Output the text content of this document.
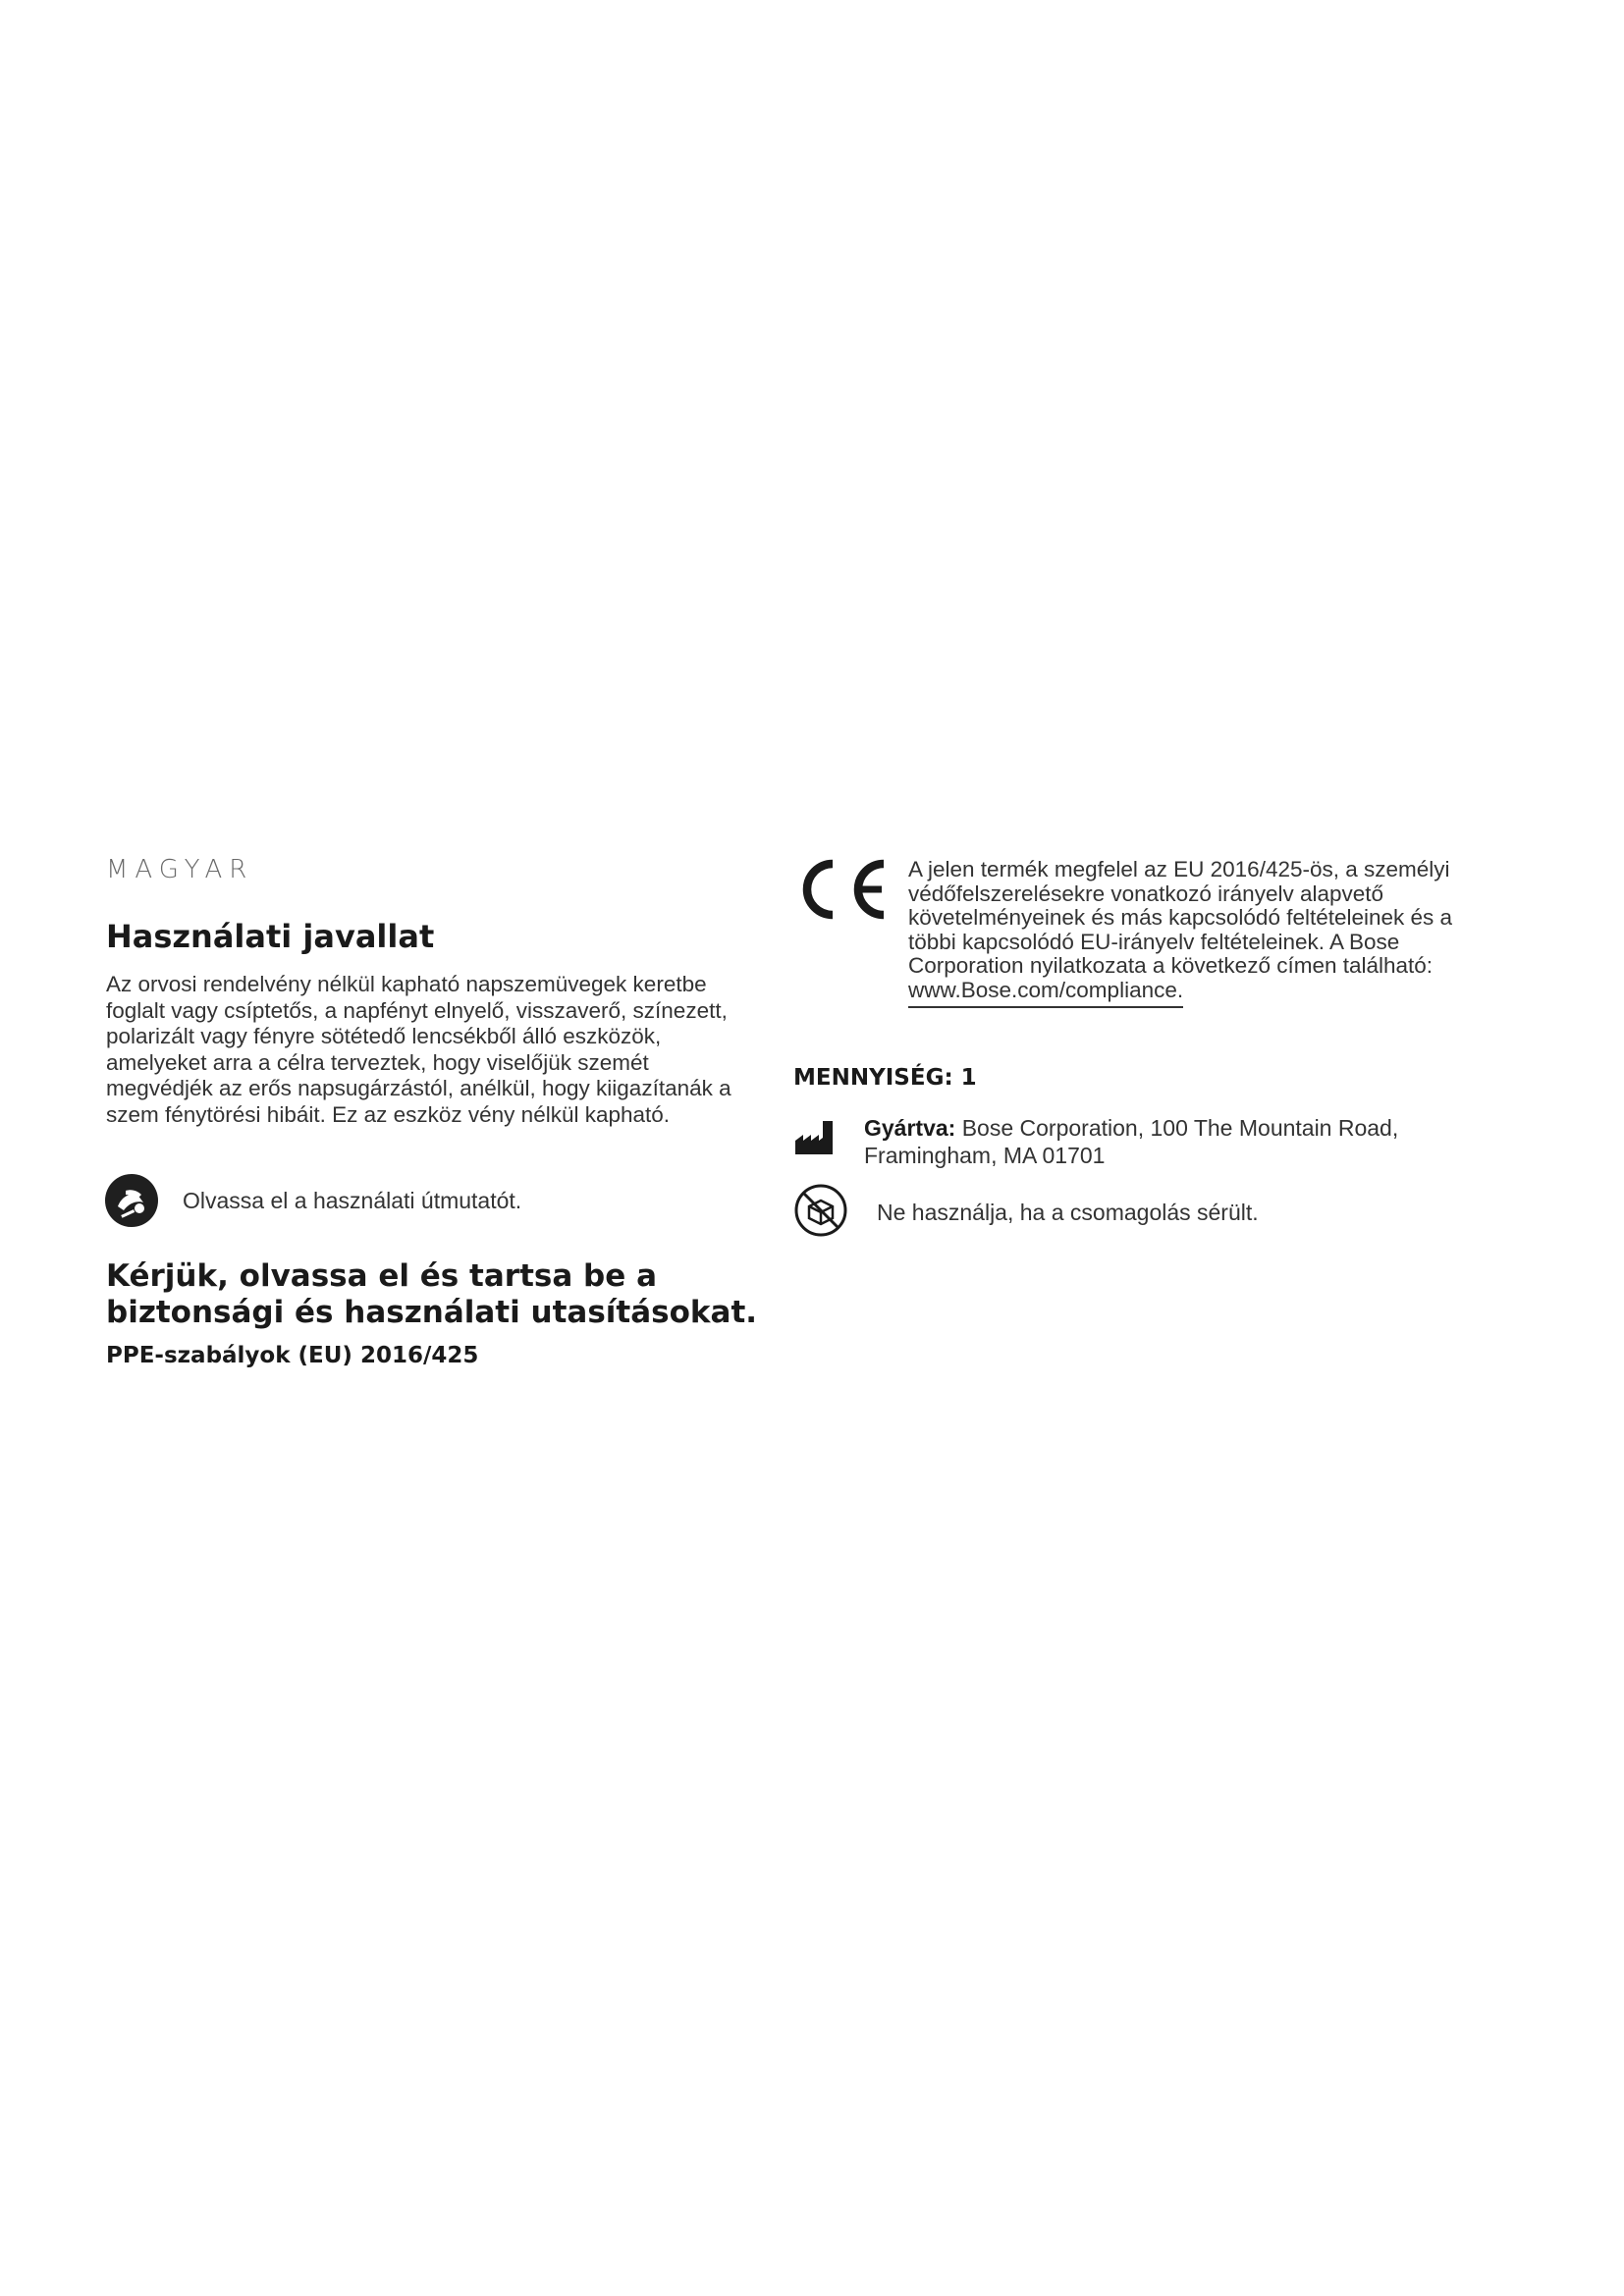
MAGYAR
Használati javallat
Az orvosi rendelvény nélkül kapható napszemüvegek keretbe foglalt vagy csíptetős, a napfényt elnyelő, visszaverő, színezett, polarizált vagy fényre sötétedő lencsékből álló eszközök, amelyeket arra a célra terveztek, hogy viselőjük szemét megvédjék az erős napsugárzástól, anélkül, hogy kiigazítanák a szem fénytörési hibáit. Ez az eszköz vény nélkül kapható.
Olvassa el a használati útmutatót.
Kérjük, olvassa el és tartsa be a biztonsági és használati utasításokat.
PPE-szabályok (EU) 2016/425
A jelen termék megfelel az EU 2016/425-ös, a személyi védőfelszerelésekre vonatkozó irányelv alapvető követelményeinek és más kapcsolódó feltételeinek és a többi kapcsolódó EU-irányelv feltételeinek. A Bose Corporation nyilatkozata a következő címen található: www.Bose.com/compliance.
MENNYISÉG: 1
Gyártva: Bose Corporation, 100 The Mountain Road, Framingham, MA 01701
Ne használja, ha a csomagolás sérült.
